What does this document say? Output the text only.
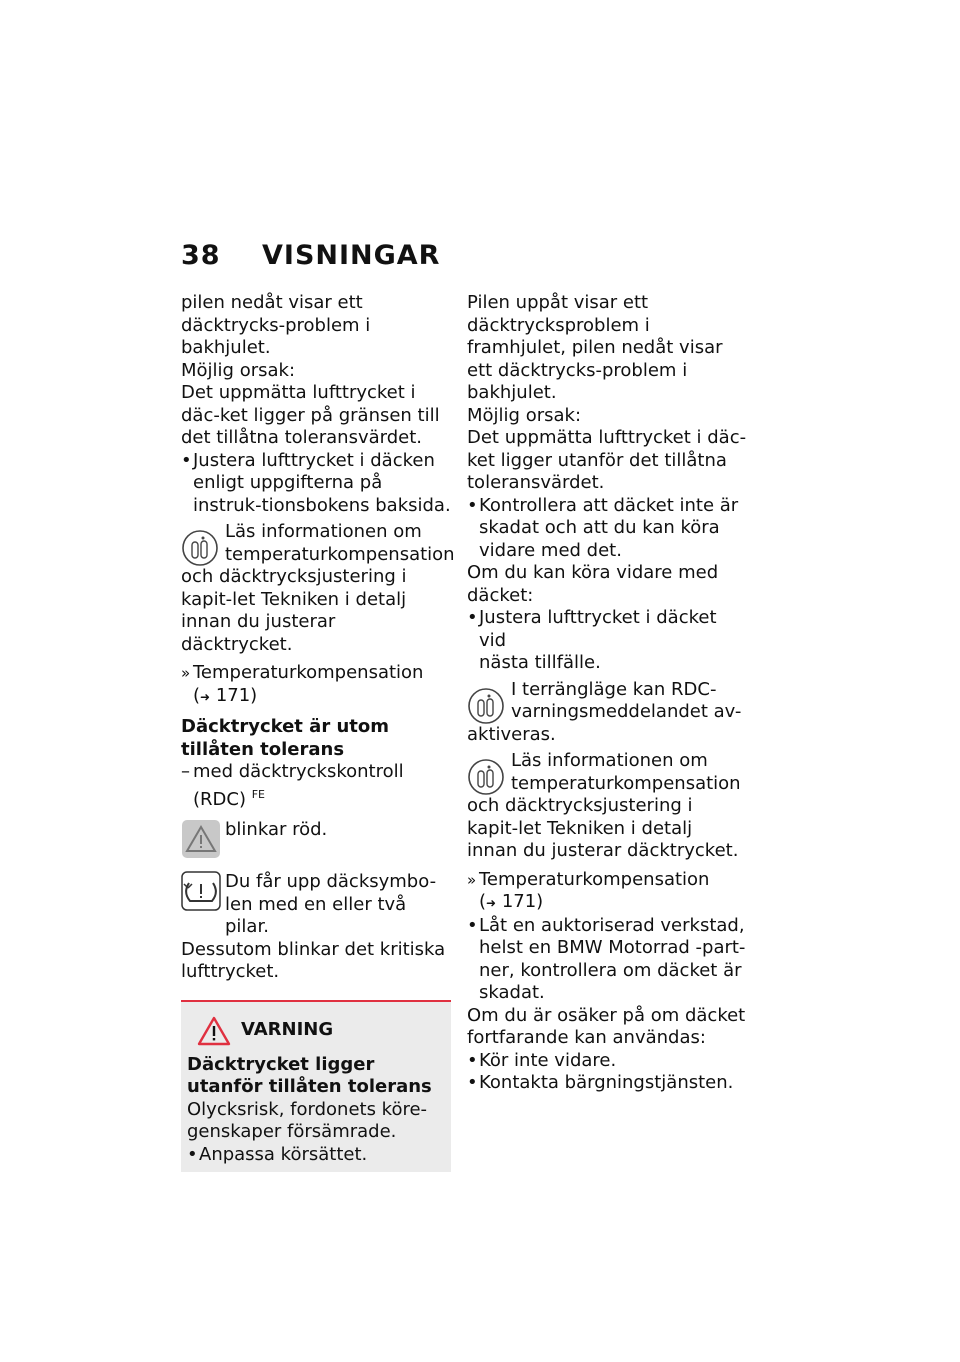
38 VISNINGAR

pilen nedåt visar ett däcktrycks-problem i bakhjulet.

Möjlig orsak:

Det uppmätta lufttrycket i däc-ket ligger på gränsen till det tillåtna toleransvärdet.

• Justera lufttrycket i däcken
enligt uppgifterna på instruk-tionsbokens baksida.
Läs informationen om temperaturkompensation
och däcktrycksjustering i kapit-let Tekniken i detalj innan du justerar däcktrycket.
» Temperaturkompensation
(➜ 171)

Däcktrycket är utom tillåten tolerans

– med däcktryckskontroll
(RDC) $^{FE}$
blinkar röd.
Du får upp däcksymbo-len med en eller två pilar.

Dessutom blinkar det kritiska lufttrycket.

VARNING

Däcktrycket ligger utanför tillåten tolerans

Olycksrisk, fordonets köre-genskaper försämrade.

• Anpassa körsättet.

Pilen uppåt visar ett däcktrycksproblem i framhjulet, pilen nedåt visar ett däcktrycks-problem i bakhjulet.

Möjlig orsak:

Det uppmätta lufttrycket i däc-ket ligger utanför det tillåtna toleransvärdet.

• Kontrollera att däcket inte är
skadat och att du kan köra vidare med det.

Om du kan köra vidare med däcket:

• Justera lufttrycket i däcket vid
nästa tillfälle.
I terrängläge kan RDC-varningsmeddelandet av-
aktiveras.
Läs informationen om temperaturkompensation
och däcktrycksjustering i kapit-let Tekniken i detalj innan du justerar däcktrycket.
» Temperaturkompensation
(➜ 171)
• Låt en auktoriserad verkstad,
helst en BMW Motorrad -part-ner, kontrollera om däcket är skadat.

Om du är osäker på om däcket fortfarande kan användas:

• Kör inte vidare.
• Kontakta bärgningstjänsten.
